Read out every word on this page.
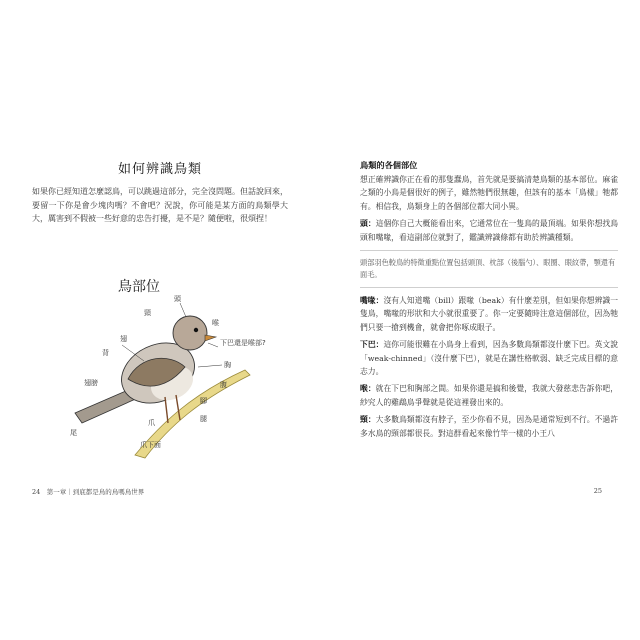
如何辨識鳥類
如果你已經知道怎麼認鳥，可以跳過這部分，完全沒問題。但話說回來，要留一下你是會少塊肉嗎？不會吧？況說，你可能是某方面的鳥類學大大，厲害到不假被一些好意的忠告打擾，是不是？隨便啦，很煩捏！
鳥部位
頭
喉
下巴還是喉部?
翅
背
頸
胸
腹
腳
尾
爪
爪下面
腿
翅膀
24　第一章｜到底都是鳥的鳥嗎鳥世界
鳥類的各個部位

想正確辨識你正在看的那隻蠢鳥，首先就是要搞清楚鳥類的基本部位。麻雀之類的小鳥是個很好的例子，雖然牠們很無趣，但該有的基本「鳥樣」牠都有。相信我，鳥類身上的各個部位都大同小異。

頭：這個你自己大概能看出來，它通常位在一隻鳥的最頂端。如果你想找鳥頭和嘴喙，看這副部位就對了，鑑識辨識條都有助於辨識種類。

頭部羽色較鳥的特徵重點位置包括頭頂、枕部（後腦勺）、眼圈、眼紋帶，顎還有面毛。

嘴喙：沒有人知道嘴（bill）跟喙（beak）有什麼差別，但如果你想辨識一隻鳥，嘴喙的形狀和大小就很重要了。你一定要隨時注意這個部位，因為牠們只要一搶到機會，就會把你啄成眼子。

下巴：這你可能很難在小鳥身上看到，因為多數鳥類都沒什麼下巴。英文說「weak-chinned」（沒什麼下巴），就是在講性格軟弱、缺乏完成目標的意志力。

喉：就在下巴和胸部之間。如果你還是搞和後覺，我就大發慈悲告訴你吧，紗究人的雞鵡鳥爭聲就是從這裡發出來的。

頸：大多數鳥類都沒有脖子，至少你看不見，因為是通常短到不行。不過許多水鳥的頸部都很長。對這群看起來像竹竿一樣的小王八

25
